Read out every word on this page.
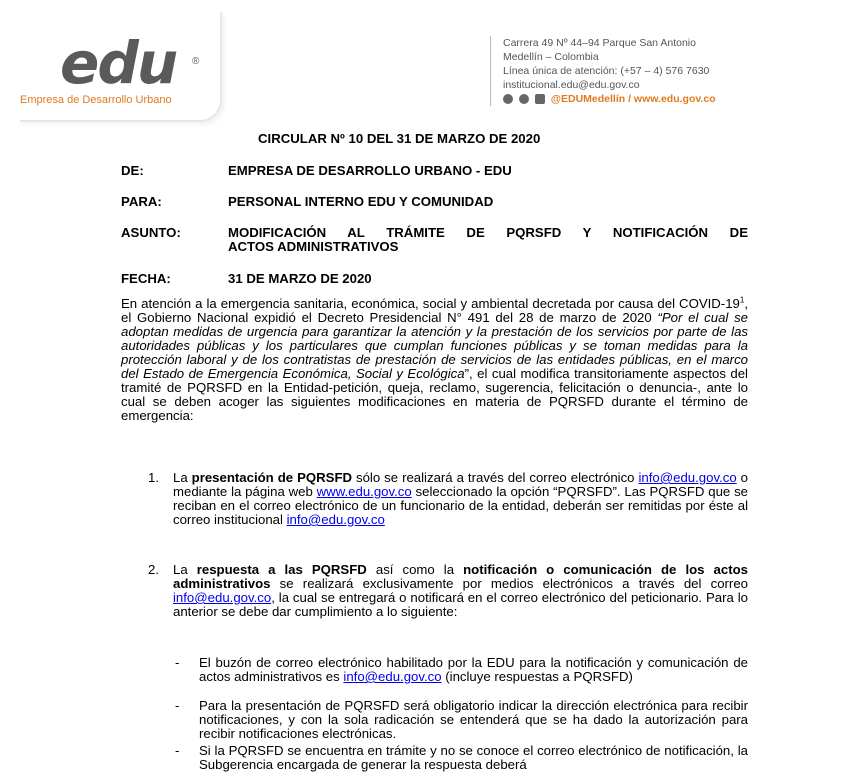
edu ®
Empresa de Desarrollo Urbano
Carrera 49 Nº 44–94 Parque San Antonio
Medellín – Colombia
Línea única de atención: (+57 – 4) 576 7630
institucional.edu@edu.gov.co
@EDUMedellín / www.edu.gov.co
CIRCULAR Nº 10 DEL 31 DE MARZO DE 2020
DE:	EMPRESA DE DESARROLLO URBANO - EDU
PARA:	PERSONAL INTERNO EDU Y COMUNIDAD
ASUNTO:	MODIFICACIÓN AL TRÁMITE DE PQRSFD Y NOTIFICACIÓN DE
ACTOS ADMINISTRATIVOS
FECHA:	31 DE MARZO DE 2020
En atención a la emergencia sanitaria, económica, social y ambiental decretada por causa del COVID-$19^1$, el Gobierno Nacional expidió el Decreto Presidencial N° 491 del 28 de marzo de 2020 “Por el cual se adoptan medidas de urgencia para garantizar la atención y la prestación de los servicios por parte de las autoridades públicas y los particulares que cumplan funciones públicas y se toman medidas para la protección laboral y de los contratistas de prestación de servicios de las entidades públicas, en el marco del Estado de Emergencia Económica, Social y Ecológica”, el cual modifica transitoriamente aspectos del tramité de PQRSFD en la Entidad-petición, queja, reclamo, sugerencia, felicitación o denuncia-, ante lo cual se deben acoger las siguientes modificaciones en materia de PQRSFD durante el término de emergencia:
1. La presentación de PQRSFD sólo se realizará a través del correo electrónico info@edu.gov.co o mediante la página web www.edu.gov.co seleccionado la opción “PQRSFD”. Las PQRSFD que se reciban en el correo electrónico de un funcionario de la entidad, deberán ser remitidas por éste al correo institucional info@edu.gov.co
2. La respuesta a las PQRSFD así como la notificación o comunicación de los actos administrativos se realizará exclusivamente por medios electrónicos a través del correo info@edu.gov.co, la cual se entregará o notificará en el correo electrónico del peticionario. Para lo anterior se debe dar cumplimiento a lo siguiente:
- El buzón de correo electrónico habilitado por la EDU para la notificación y comunicación de actos administrativos es info@edu.gov.co (incluye respuestas a PQRSFD)
- Para la presentación de PQRSFD será obligatorio indicar la dirección electrónica para recibir notificaciones, y con la sola radicación se entenderá que se ha dado la autorización para recibir notificaciones electrónicas.
- Si la PQRSFD se encuentra en trámite y no se conoce el correo electrónico de notificación, la Subgerencia encargada de generar la respuesta deberá
